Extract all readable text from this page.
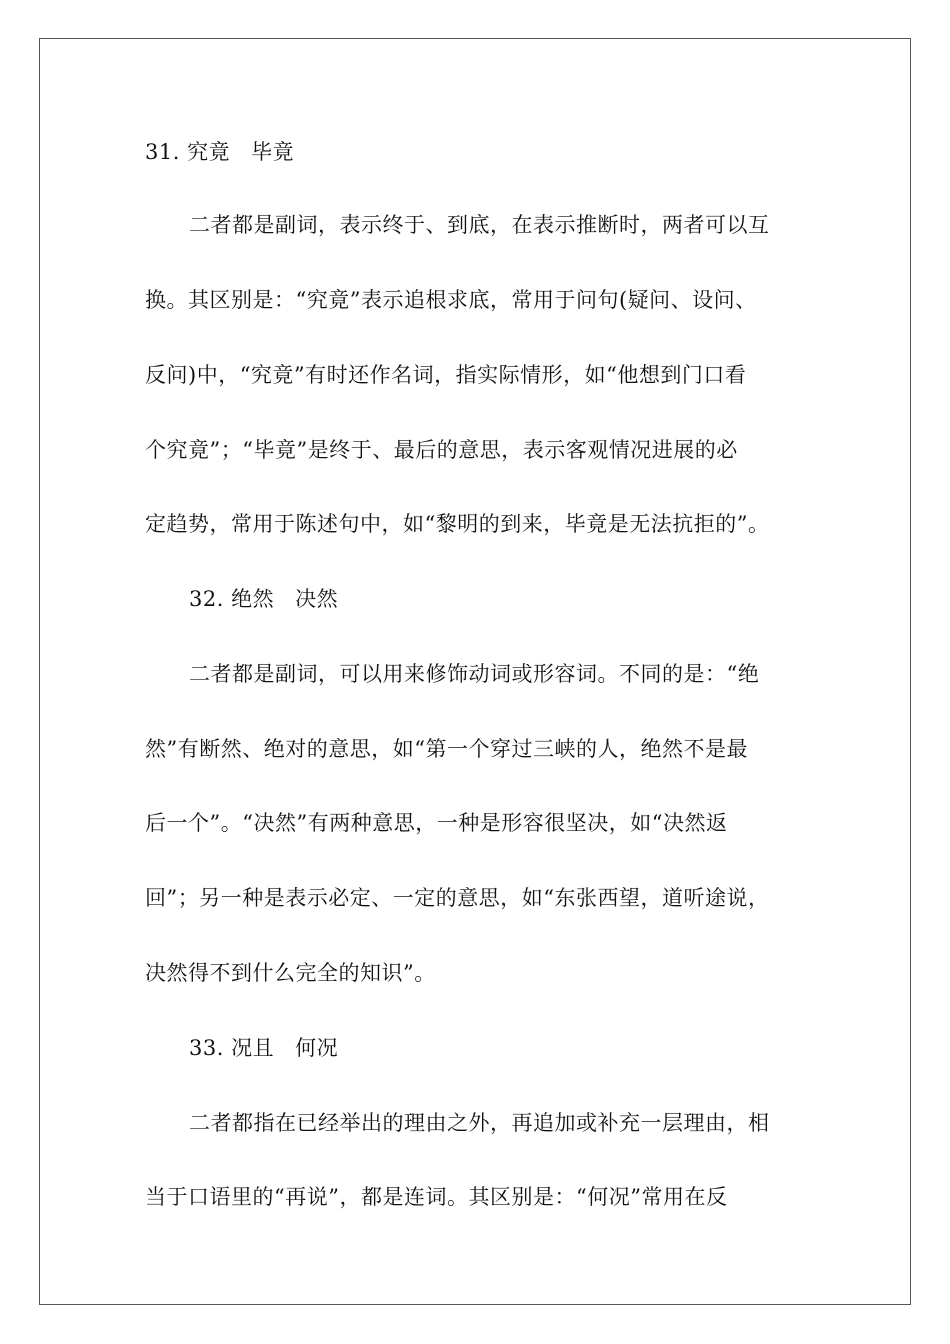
31. 究竟 毕竟
二者都是副词，表示终于、到底，在表示推断时，两者可以互
换。其区别是：“究竟”表示追根求底，常用于问句(疑问、设问、
反问)中，“究竟”有时还作名词，指实际情形，如“他想到门口看
个究竟”；“毕竟”是终于、最后的意思，表示客观情况进展的必
定趋势，常用于陈述句中，如“黎明的到来，毕竟是无法抗拒的”。
32. 绝然 决然
二者都是副词，可以用来修饰动词或形容词。不同的是：“绝
然”有断然、绝对的意思，如“第一个穿过三峡的人，绝然不是最
后一个”。“决然”有两种意思，一种是形容很坚决，如“决然返
回”；另一种是表示必定、一定的意思，如“东张西望，道听途说，
决然得不到什么完全的知识”。
33. 况且 何况
二者都指在已经举出的理由之外，再追加或补充一层理由，相
当于口语里的“再说”，都是连词。其区别是：“何况”常用在反
